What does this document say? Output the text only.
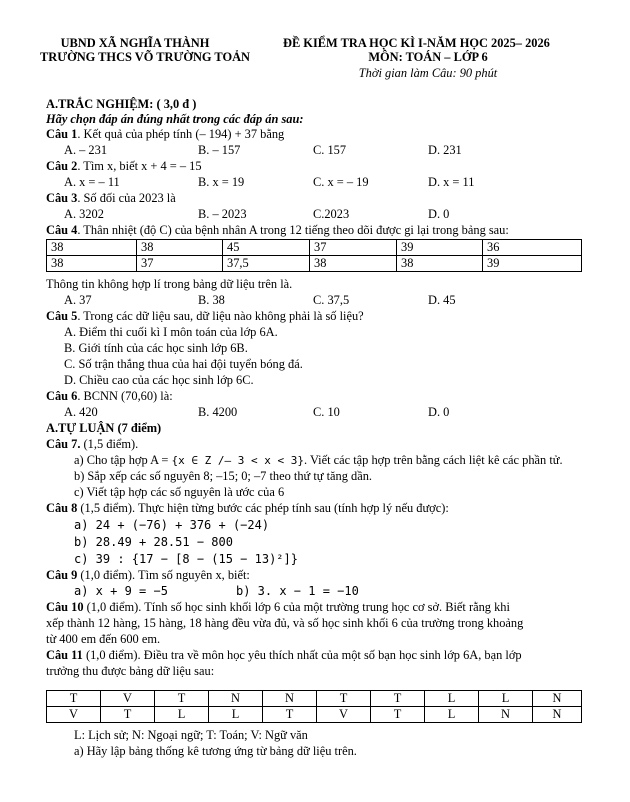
UBND XÃ NGHĨA THÀNH
TRƯỜNG THCS VÕ TRƯỜNG TOẢN
ĐỀ KIỂM TRA HỌC KÌ I-NĂM HỌC 2025– 2026
MÔN: TOÁN – LỚP 6
Thời gian làm Câu: 90 phút
A.TRẮC NGHIỆM: ( 3,0 đ )
Hãy chọn đáp án đúng nhất trong các đáp án sau:
Câu 1. Kết quả của phép tính (– 194) + 37 bằng
A. – 231	B. – 157	C. 157	D. 231
Câu 2. Tìm x, biết x + 4 = – 15
A. x = – 11	B. x = 19	C. x = – 19	D. x = 11
Câu 3. Số đối của 2023 là
A. 3202	B. – 2023	C.2023	D. 0
Câu 4. Thân nhiệt (độ C) của bệnh nhân A trong 12 tiếng theo dõi được gi lại trong bảng sau:
38	38	45	37	39	36
38	37	37,5	38	38	39
Thông tin không hợp lí trong bảng dữ liệu trên là.
A. 37	B. 38	C. 37,5	D. 45
Câu 5. Trong các dữ liệu sau, dữ liệu nào không phải là số liệu?
A. Điểm thi cuối kì I môn toán của lớp 6A.
B. Giới tính của các học sinh lớp 6B.
C. Số trận thắng thua của hai đội tuyển bóng đá.
D. Chiều cao của các học sinh lớp 6C.
Câu 6. BCNN (70,60) là:
A. 420	B. 4200	C. 10	D. 0
A.TỰ LUẬN (7 điểm)
Câu 7. (1,5 điểm).
a) Cho tập hợp A = {x ∈ Z /– 3 < x < 3}. Viết các tập hợp trên bằng cách liệt kê các phần tử.
b) Sắp xếp các số nguyên 8; –15; 0; –7 theo thứ tự tăng dần.
c) Viết tập hợp các số nguyên là ước của 6
Câu 8 (1,5 điểm). Thực hiện từng bước các phép tính sau (tính hợp lý nếu được):
a) 24 + (−76) + 376 + (−24)
b) 28.49 + 28.51 − 800
c) 39 : {17 − [8 − (15 − 13)²]}
Câu 9 (1,0 điểm). Tìm số nguyên x, biết:
a) x + 9 = −5	b) 3. x − 1 = −10
Câu 10 (1,0 điểm). Tính số học sinh khối lớp 6 của một trường trung học cơ sở. Biết rằng khi
xếp thành 12 hàng, 15 hàng, 18 hàng đều vừa đủ, và số học sinh khối 6 của trường trong khoảng
từ 400 em đến 600 em.
Câu 11 (1,0 điểm). Điều tra về môn học yêu thích nhất của một số bạn học sinh lớp 6A, bạn lớp
trưởng thu được bảng dữ liệu sau:
T	V	T	N	N	T	T	L	L	N
V	T	L	L	T	V	T	L	N	N
L: Lịch sử; N: Ngoại ngữ; T: Toán; V: Ngữ văn
a) Hãy lập bảng thống kê tương ứng từ bảng dữ liệu trên.
